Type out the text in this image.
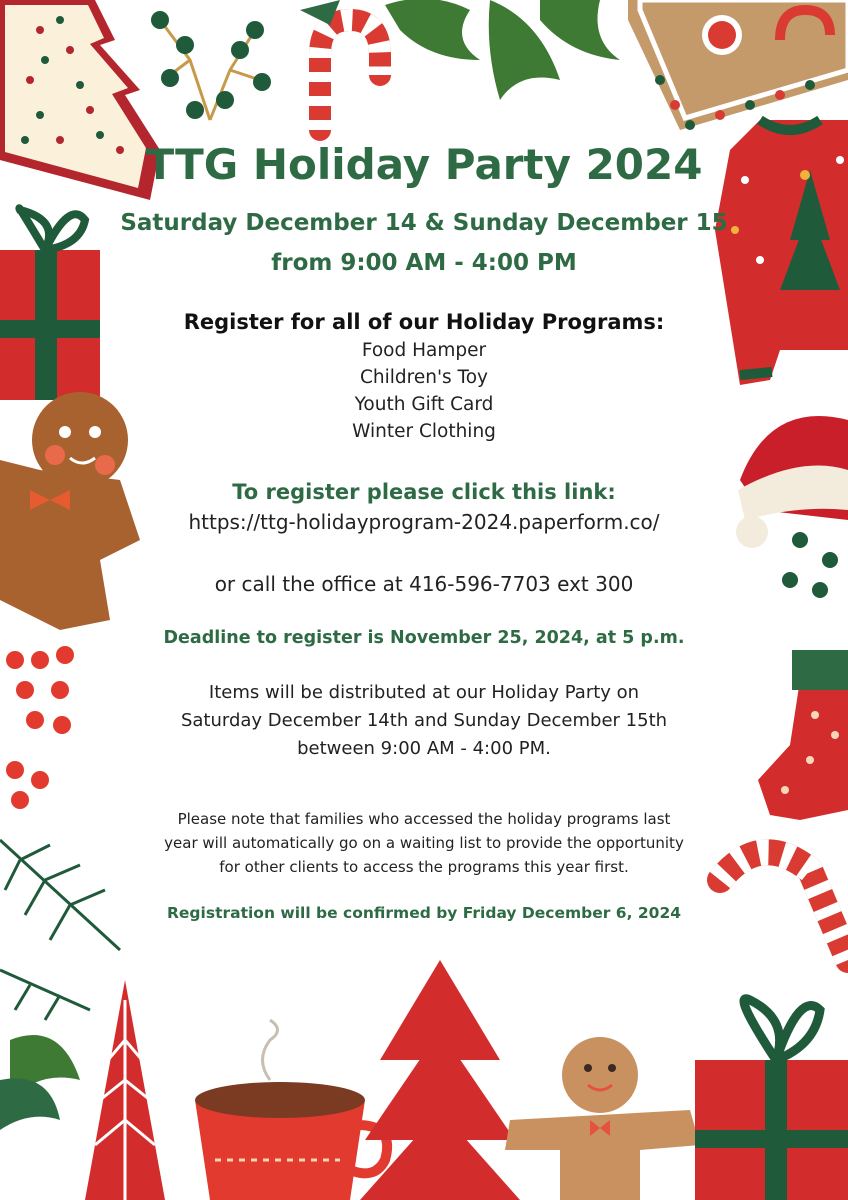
TTG Holiday Party 2024
Saturday December 14 & Sunday December 15
from 9:00 AM - 4:00 PM
Register for all of our Holiday Programs:
Food Hamper
Children's Toy
Youth Gift Card
Winter Clothing
To register please click this link:
https://ttg-holidayprogram-2024.paperform.co/
or call the office at 416-596-7703 ext 300
Deadline to register is November 25, 2024, at 5 p.m.
Items will be distributed at our Holiday Party on
Saturday December 14th and Sunday December 15th
between 9:00 AM - 4:00 PM.
Please note that families who accessed the holiday programs last
year will automatically go on a waiting list to provide the opportunity
for other clients to access the programs this year first.
Registration will be confirmed by Friday December 6, 2024
